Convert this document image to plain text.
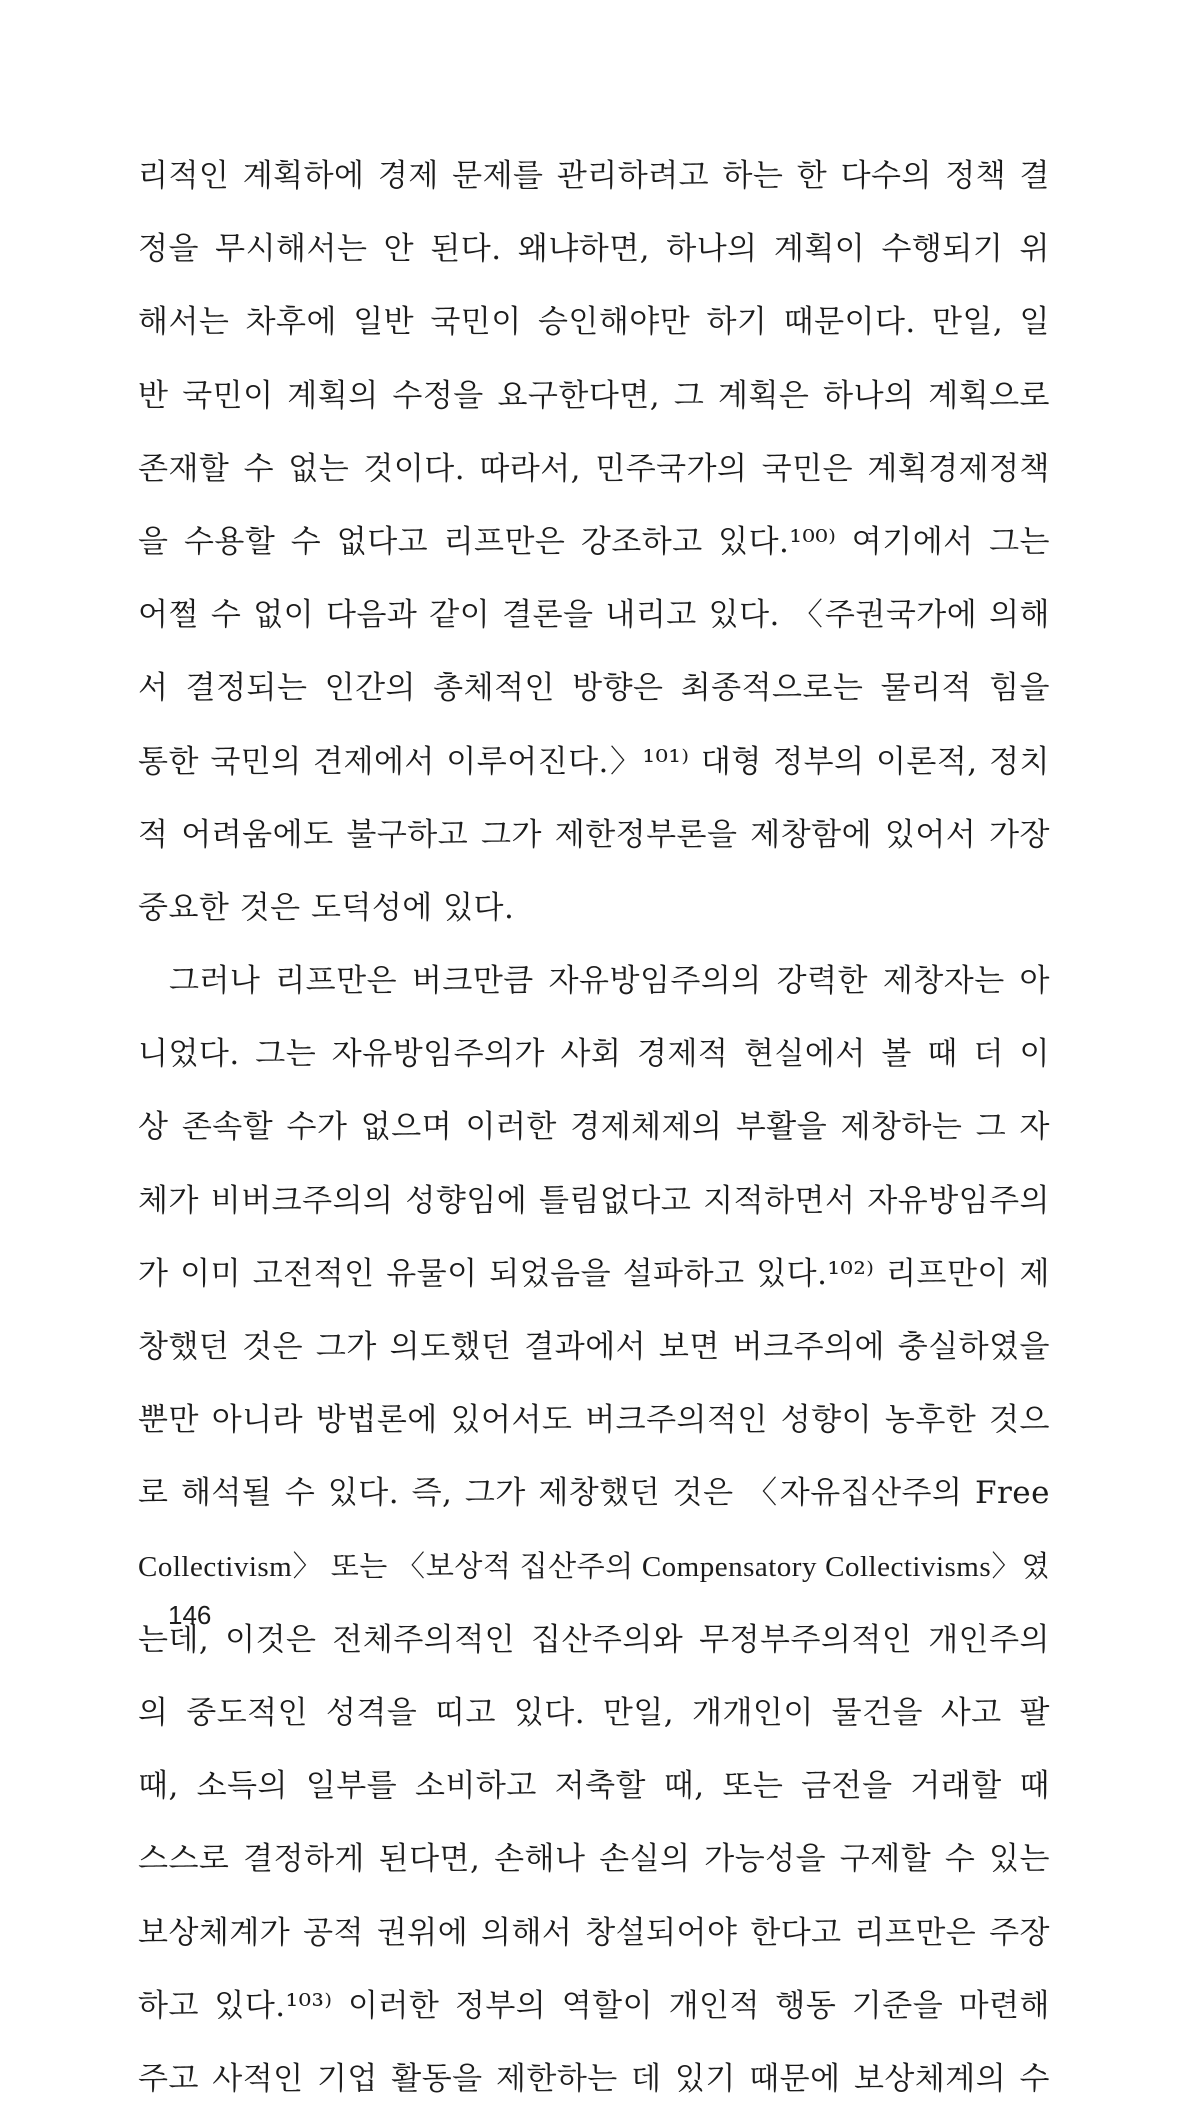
리적인 계획하에 경제 문제를 관리하려고 하는 한 다수의 정책 결
정을 무시해서는 안 된다. 왜냐하면, 하나의 계획이 수행되기 위
해서는 차후에 일반 국민이 승인해야만 하기 때문이다. 만일, 일
반 국민이 계획의 수정을 요구한다면, 그 계획은 하나의 계획으로
존재할 수 없는 것이다. 따라서, 민주국가의 국민은 계획경제정책
을 수용할 수 없다고 리프만은 강조하고 있다.¹⁰⁰⁾ 여기에서 그는
어쩔 수 없이 다음과 같이 결론을 내리고 있다. 〈주권국가에 의해
서 결정되는 인간의 총체적인 방향은 최종적으로는 물리적 힘을
통한 국민의 견제에서 이루어진다.〉¹⁰¹⁾ 대형 정부의 이론적, 정치
적 어려움에도 불구하고 그가 제한정부론을 제창함에 있어서 가장
중요한 것은 도덕성에 있다.
그러나 리프만은 버크만큼 자유방임주의의 강력한 제창자는 아
니었다. 그는 자유방임주의가 사회 경제적 현실에서 볼 때 더 이
상 존속할 수가 없으며 이러한 경제체제의 부활을 제창하는 그 자
체가 비버크주의의 성향임에 틀림없다고 지적하면서 자유방임주의
가 이미 고전적인 유물이 되었음을 설파하고 있다.¹⁰²⁾ 리프만이 제
창했던 것은 그가 의도했던 결과에서 보면 버크주의에 충실하였을
뿐만 아니라 방법론에 있어서도 버크주의적인 성향이 농후한 것으
로 해석될 수 있다. 즉, 그가 제창했던 것은 〈자유집산주의 Free
Collectivism〉 또는 〈보상적 집산주의 Compensatory Collectivisms〉였
는데, 이것은 전체주의적인 집산주의와 무정부주의적인 개인주의
의 중도적인 성격을 띠고 있다. 만일, 개개인이 물건을 사고 팔
때, 소득의 일부를 소비하고 저축할 때, 또는 금전을 거래할 때
스스로 결정하게 된다면, 손해나 손실의 가능성을 구제할 수 있는
보상체계가 공적 권위에 의해서 창설되어야 한다고 리프만은 주장
하고 있다.¹⁰³⁾ 이러한 정부의 역할이 개인적 행동 기준을 마련해
주고 사적인 기업 활동을 제한하는 데 있기 때문에 보상체계의 수
146
